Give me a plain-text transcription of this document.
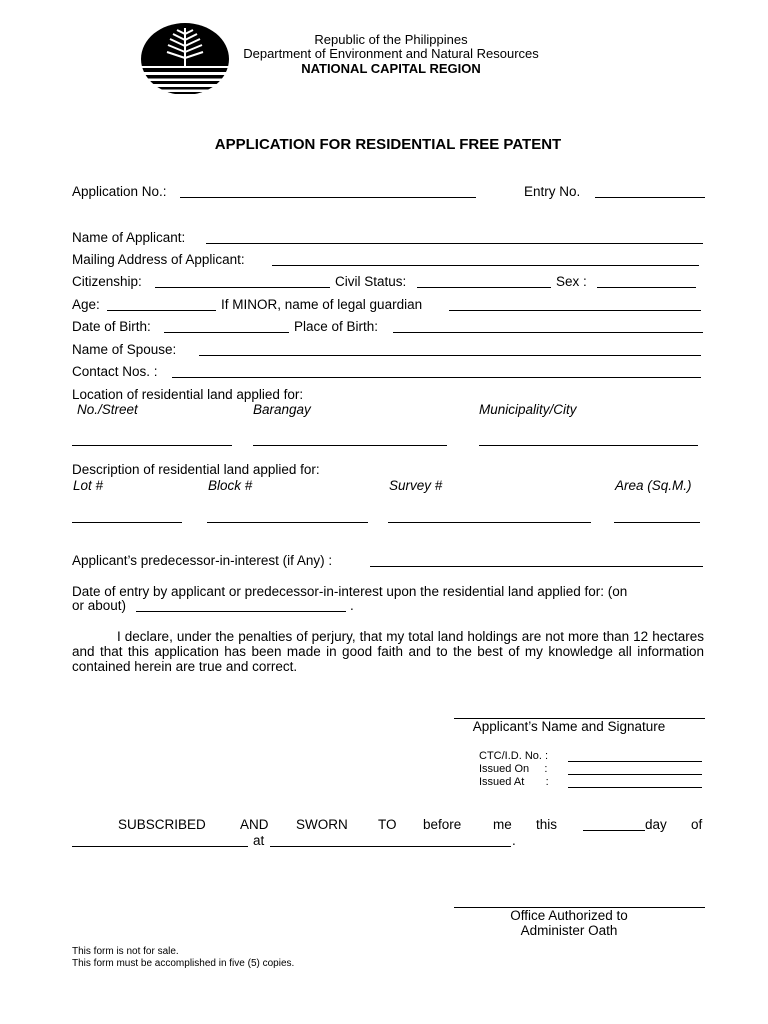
Republic of the Philippines
Department of Environment and Natural Resources
NATIONAL CAPITAL REGION
APPLICATION FOR RESIDENTIAL FREE PATENT
Application No.:	Entry No.
Name of Applicant:
Mailing Address of Applicant:
Citizenship:	Civil Status:	Sex :
Age:	If MINOR, name of legal guardian
Date of Birth:	Place of Birth:
Name of Spouse:
Contact Nos. :
Location of residential land applied for:
No./Street	Barangay	Municipality/City
Description of residential land applied for:
Lot #	Block #	Survey #	Area (Sq.M.)
Applicant’s predecessor-in-interest (if Any) :
Date of entry by applicant or predecessor-in-interest upon the residential land applied for: (on
or about)	.
I declare, under the penalties of perjury, that my total land holdings are not more than 12 hectares and that this application has been made in good faith and to the best of my knowledge all information contained herein are true and correct.
Applicant’s Name and Signature
CTC/I.D. No. :
Issued On     :
Issued At       :
SUBSCRIBED	AND SWORN TO before me this	day of
at	.
Office Authorized to
Administer Oath
This form is not for sale.
This form must be accomplished in five (5) copies.
